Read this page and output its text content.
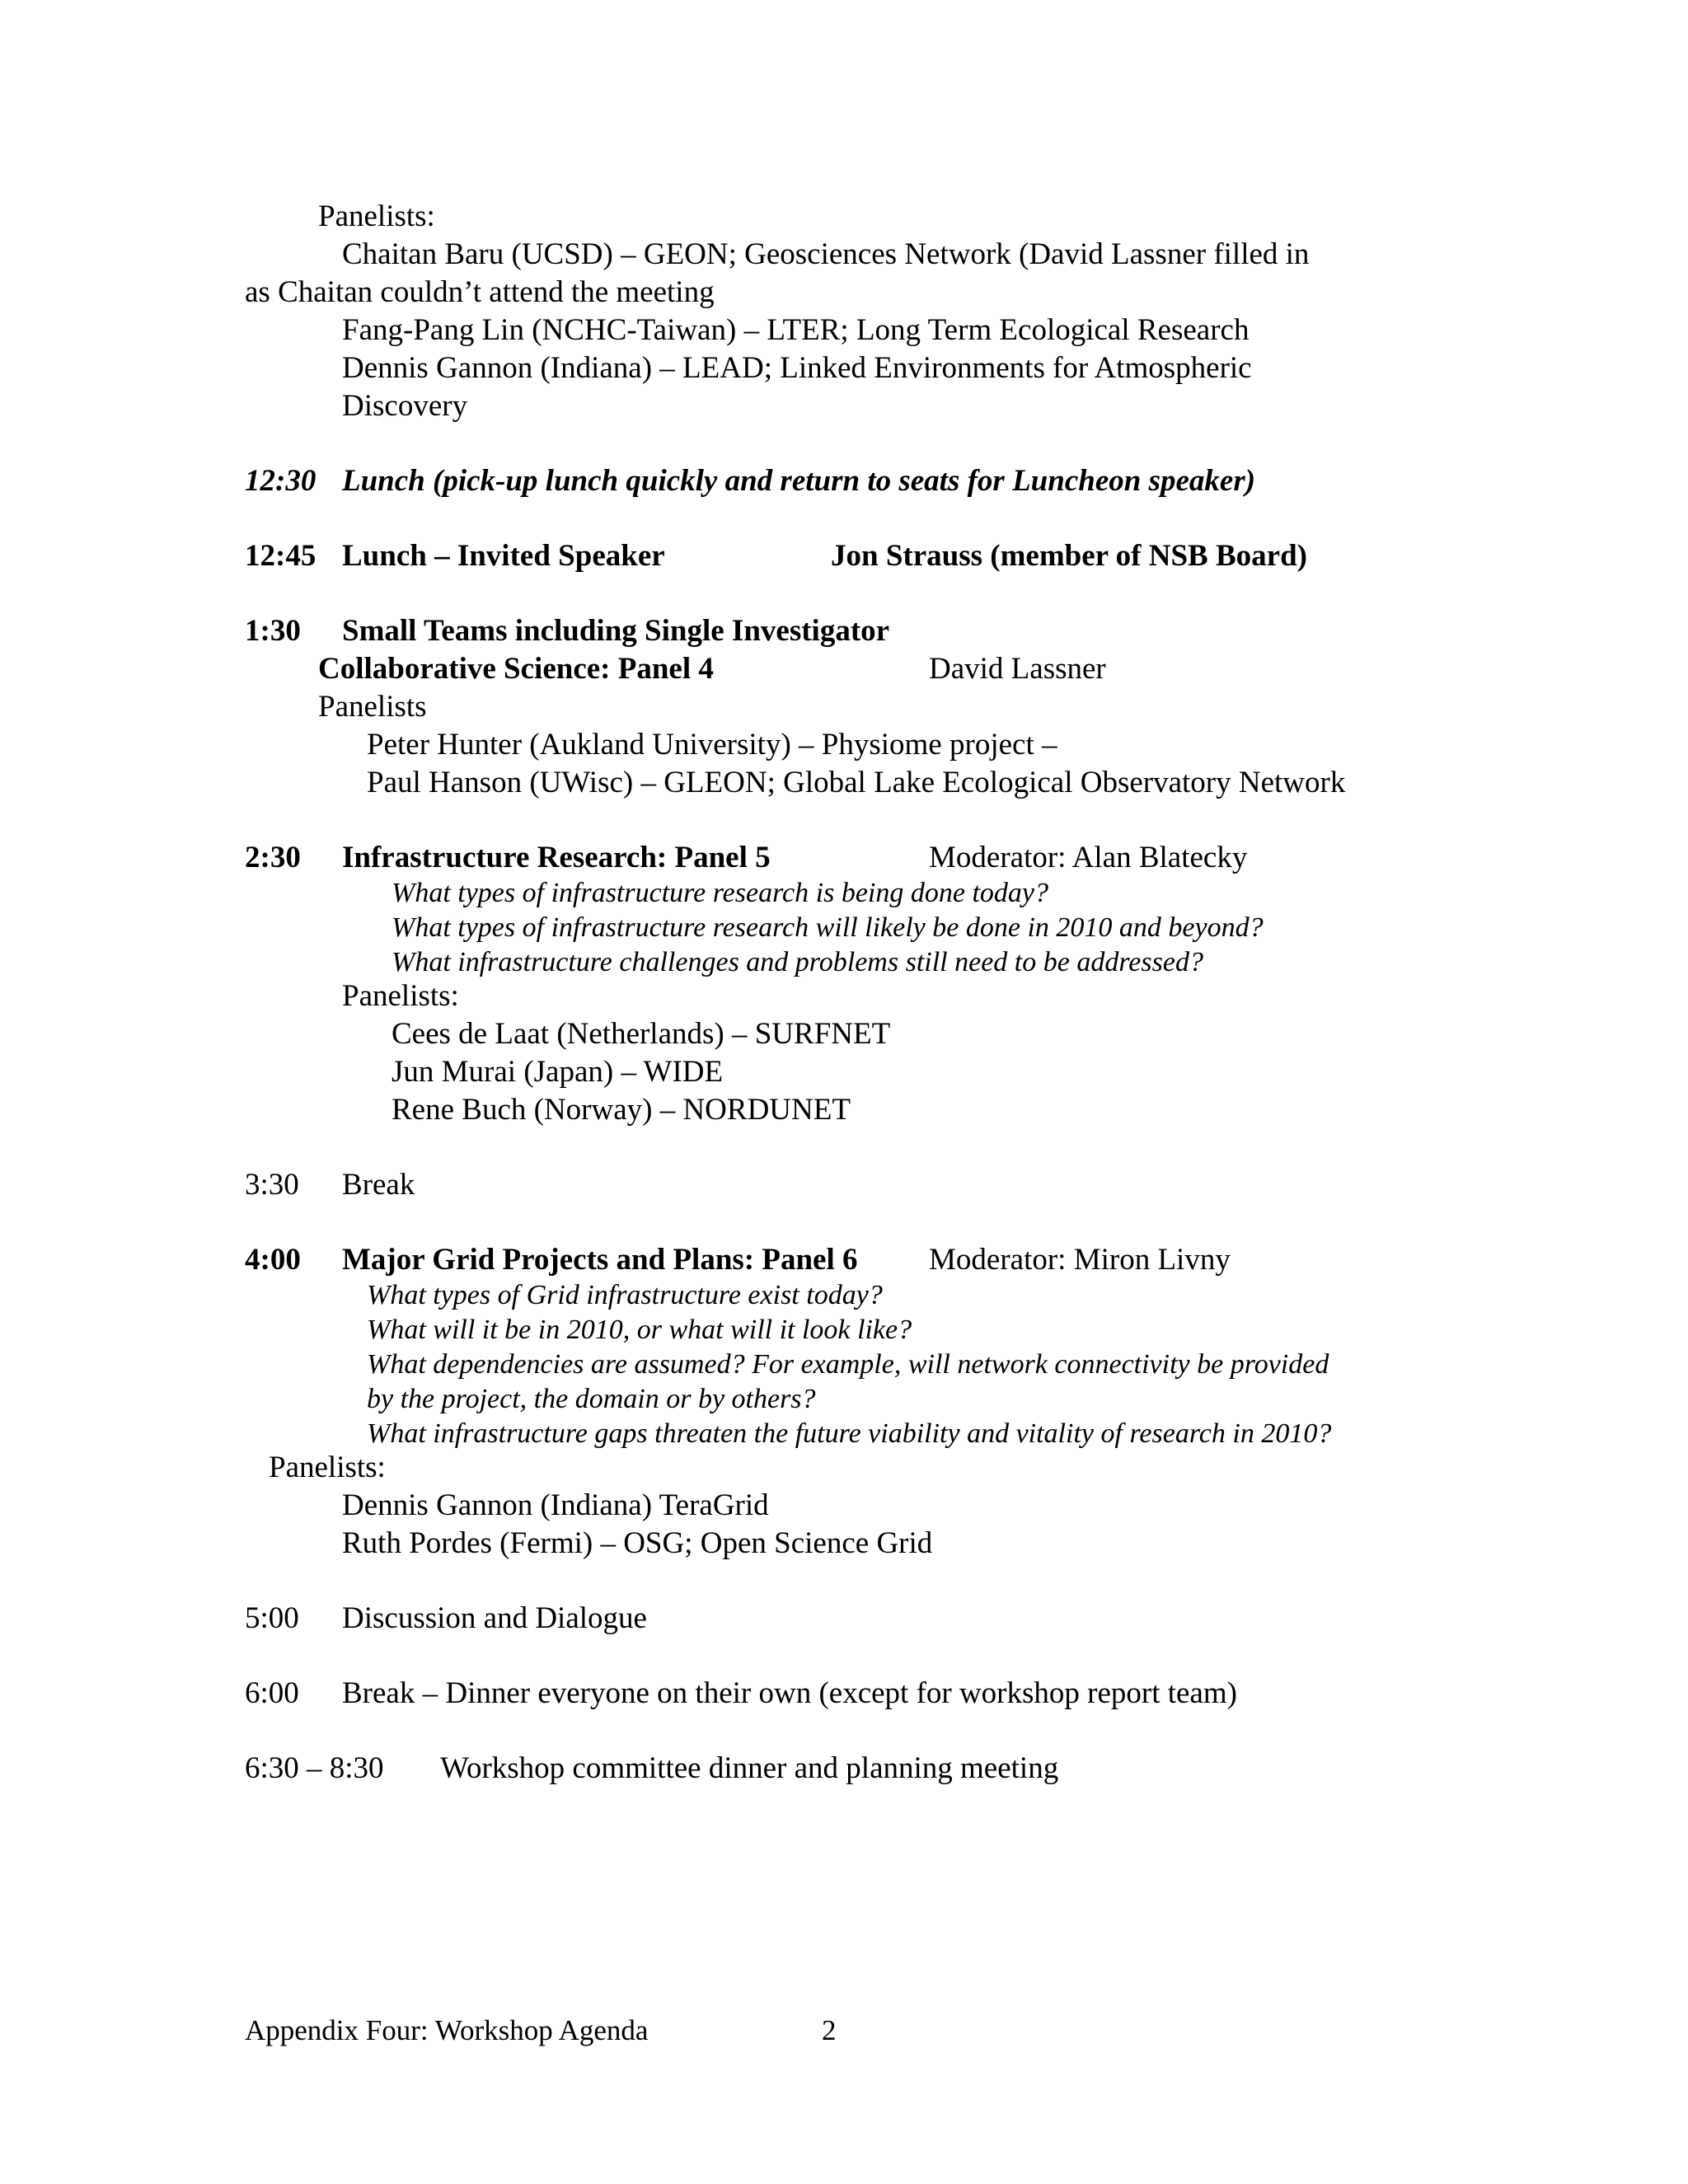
Panelists:
Chaitan Baru (UCSD) – GEON; Geosciences Network (David Lassner filled in
as Chaitan couldn’t attend the meeting
Fang-Pang Lin (NCHC-Taiwan) – LTER; Long Term Ecological Research
Dennis Gannon (Indiana) – LEAD; Linked Environments for Atmospheric
Discovery
12:30 Lunch (pick-up lunch quickly and return to seats for Luncheon speaker)
12:45 Lunch – Invited Speaker	Jon Strauss (member of NSB Board)
1:30 Small Teams including Single Investigator
Collaborative Science: Panel 4	David Lassner
Panelists
Peter Hunter (Aukland University) – Physiome project –
Paul Hanson (UWisc) – GLEON; Global Lake Ecological Observatory Network
2:30 Infrastructure Research: Panel 5	Moderator: Alan Blatecky
What types of infrastructure research is being done today?
What types of infrastructure research will likely be done in 2010 and beyond?
What infrastructure challenges and problems still need to be addressed?
Panelists:
Cees de Laat (Netherlands) – SURFNET
Jun Murai (Japan) – WIDE
Rene Buch (Norway) – NORDUNET
3:30 Break
4:00 Major Grid Projects and Plans: Panel 6 Moderator: Miron Livny
What types of Grid infrastructure exist today?
What will it be in 2010, or what will it look like?
What dependencies are assumed? For example, will network connectivity be provided
by the project, the domain or by others?
What infrastructure gaps threaten the future viability and vitality of research in 2010?
Panelists:
Dennis Gannon (Indiana) TeraGrid
Ruth Pordes (Fermi) – OSG; Open Science Grid
5:00 Discussion and Dialogue
6:00 Break – Dinner everyone on their own (except for workshop report team)
6:30 – 8:30 Workshop committee dinner and planning meeting
Appendix Four: Workshop Agenda	2
